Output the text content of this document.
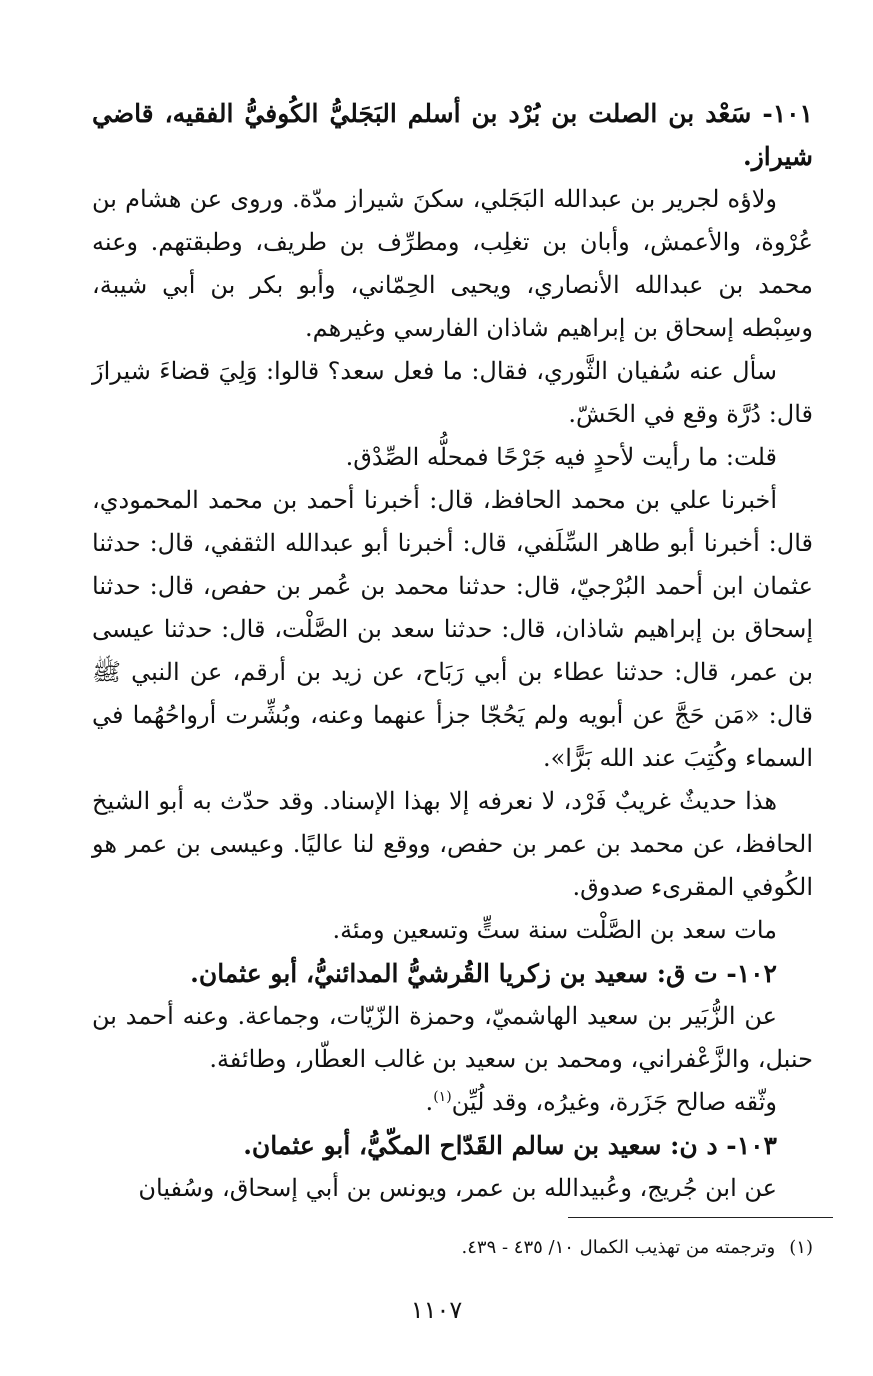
١٠١- سَعْد بن الصلت بن بُرْد بن أسلم البَجَليُّ الكُوفيُّ الفقيه، قاضي شيراز.

ولاؤه لجرير بن عبدالله البَجَلي، سكنَ شيراز مدّة. وروى عن هشام بن عُرْوة، والأعمش، وأبان بن تغلِب، ومطرِّف بن طريف، وطبقتهم. وعنه محمد بن عبدالله الأنصاري، ويحيى الحِمّاني، وأبو بكر بن أبي شيبة، وسِبْطه إسحاق بن إبراهيم شاذان الفارسي وغيرهم.

سأل عنه سُفيان الثَّوري، فقال: ما فعل سعد؟ قالوا: وَلِيَ قضاءَ شيرازَ قال: دُرَّة وقع في الحَشّ.

قلت: ما رأيت لأحدٍ فيه جَرْحًا فمحلُّه الصِّدْق.

أخبرنا علي بن محمد الحافظ، قال: أخبرنا أحمد بن محمد المحمودي، قال: أخبرنا أبو طاهر السِّلَفي، قال: أخبرنا أبو عبدالله الثقفي، قال: حدثنا عثمان ابن أحمد البُرْجيّ، قال: حدثنا محمد بن عُمر بن حفص، قال: حدثنا إسحاق بن إبراهيم شاذان، قال: حدثنا سعد بن الصَّلْت، قال: حدثنا عيسى بن عمر، قال: حدثنا عطاء بن أبي رَبَاح، عن زيد بن أرقم، عن النبي ﷺ قال: «مَن حَجَّ عن أبويه ولم يَحُجّا جزأ عنهما وعنه، وبُشِّرت أرواحُهُما في السماء وكُتِبَ عند الله بَرًّا».

هذا حديثٌ غريبٌ فَرْد، لا نعرفه إلا بهذا الإسناد. وقد حدّث به أبو الشيخ الحافظ، عن محمد بن عمر بن حفص، ووقع لنا عاليًا. وعيسى بن عمر هو الكُوفي المقرىء صدوق.

مات سعد بن الصَّلْت سنة ستٍّ وتسعين ومئة.

١٠٢- ت ق: سعيد بن زكريا القُرشيُّ المدائنيُّ، أبو عثمان.

عن الزُّبَير بن سعيد الهاشميّ، وحمزة الزّيّات، وجماعة. وعنه أحمد بن حنبل، والزَّعْفراني، ومحمد بن سعيد بن غالب العطّار، وطائفة.

وثّقه صالح جَزَرة، وغيرُه، وقد لُيِّن$^{(١)}$.

١٠٣- د ن: سعيد بن سالم القَدّاح المكّيُّ، أبو عثمان.

عن ابن جُريج، وعُبيدالله بن عمر، ويونس بن أبي إسحاق، وسُفيان

(١)وترجمته من تهذيب الكمال ١٠/ ٤٣٥ - ٤٣٩.
١١٠٧
